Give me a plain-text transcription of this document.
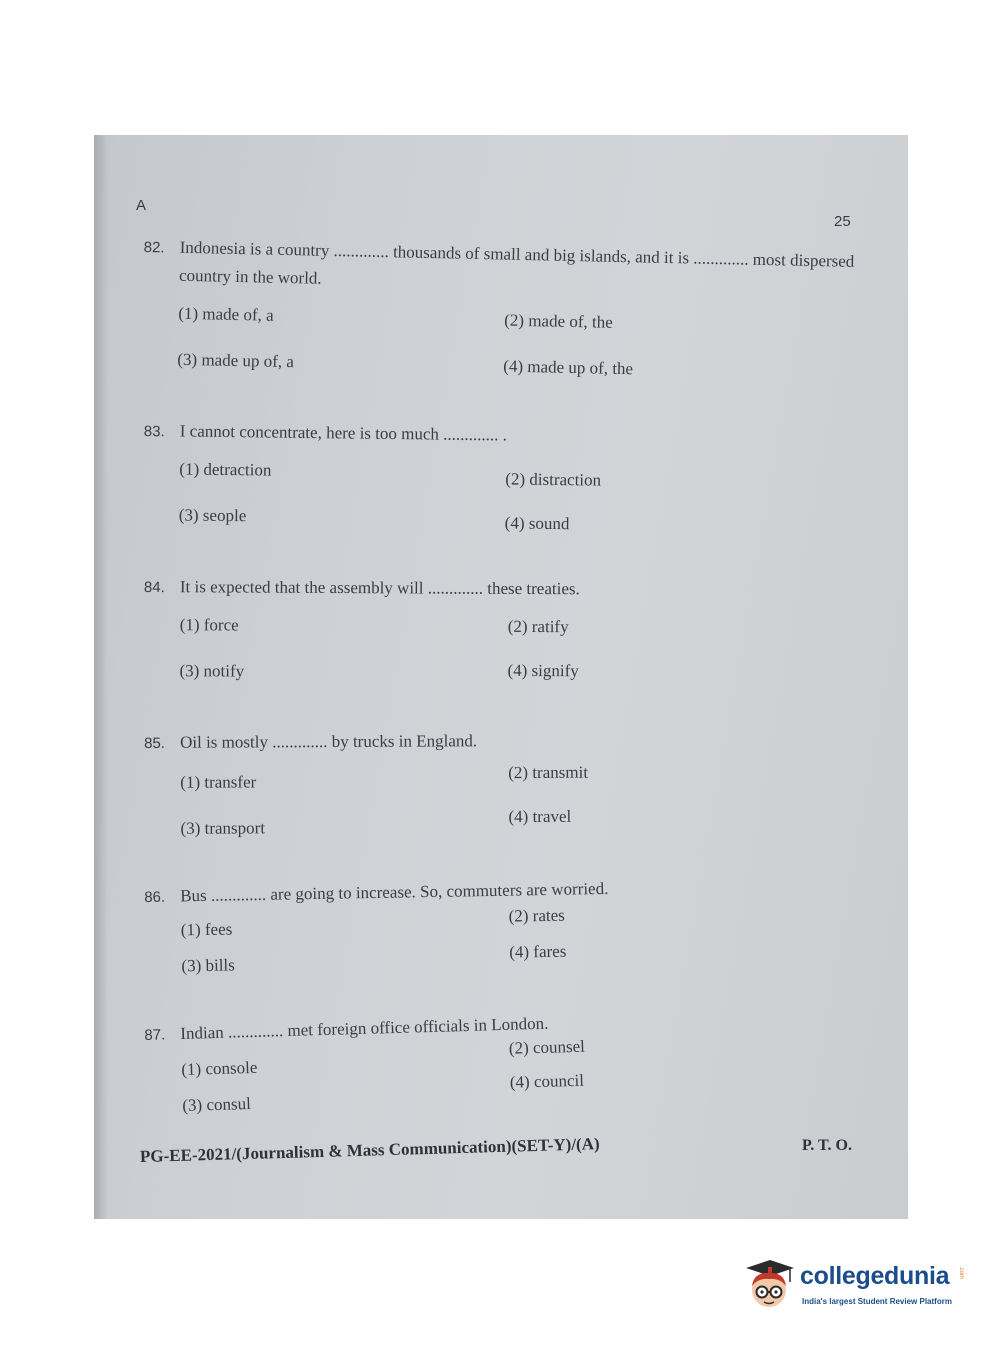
A
25
82. Indonesia is a country ............. thousands of small and big islands, and it is ............. most dispersed country in the world.
(1) made of, a	(2) made of, the
(3) made up of, a	(4) made up of, the
83. I cannot concentrate, here is too much ............. .
(1) detraction	(2) distraction
(3) seople	(4) sound
84. It is expected that the assembly will ............. these treaties.
(1) force	(2) ratify
(3) notify	(4) signify
85. Oil is mostly ............. by trucks in England.
(1) transfer
(2) transmit
(3) transport
(4) travel
86. Bus ............. are going to increase. So, commuters are worried.
(1) fees
(2) rates
(3) bills
(4) fares
87. Indian ............. met foreign office officials in London.
(1) console
(2) counsel
(3) consul
(4) council
P. T. O.
PG-EE-2021/(Journalism & Mass Communication)(SET-Y)/(A)
collegedunia .com
India's largest Student Review Platform
